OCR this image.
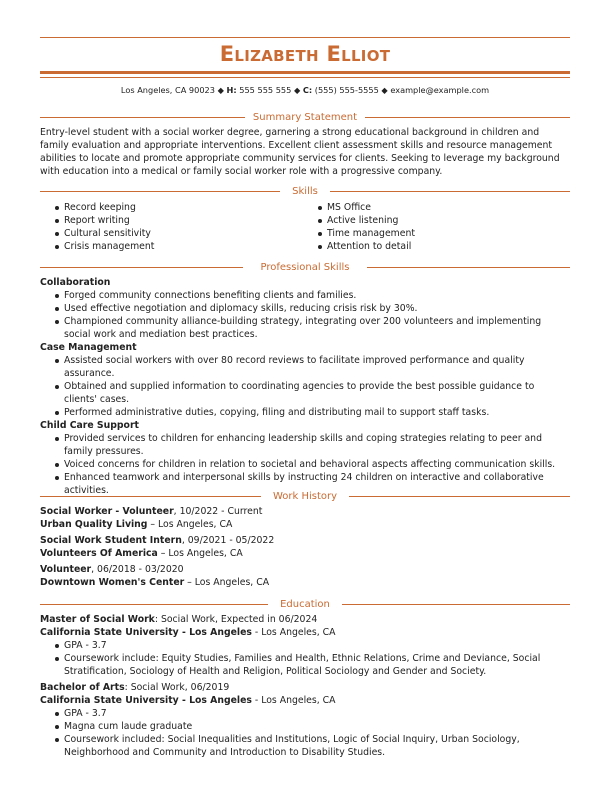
Elizabeth Elliot
Los Angeles, CA 90023 ◆ H: 555 555 555 ◆ C: (555) 555-5555 ◆ example@example.com
Summary Statement
Entry-level student with a social worker degree, garnering a strong educational background in children and family evaluation and appropriate interventions. Excellent client assessment skills and resource management abilities to locate and promote appropriate community services for clients. Seeking to leverage my background with education into a medical or family social worker role with a progressive company.
Skills
Record keeping
Report writing
Cultural sensitivity
Crisis management
MS Office
Active listening
Time management
Attention to detail
Professional Skills
Collaboration
Forged community connections benefiting clients and families.
Used effective negotiation and diplomacy skills, reducing crisis risk by 30%.
Championed community alliance-building strategy, integrating over 200 volunteers and implementing social work and mediation best practices.
Case Management
Assisted social workers with over 80 record reviews to facilitate improved performance and quality assurance.
Obtained and supplied information to coordinating agencies to provide the best possible guidance to clients' cases.
Performed administrative duties, copying, filing and distributing mail to support staff tasks.
Child Care Support
Provided services to children for enhancing leadership skills and coping strategies relating to peer and family pressures.
Voiced concerns for children in relation to societal and behavioral aspects affecting communication skills.
Enhanced teamwork and interpersonal skills by instructing 24 children on interactive and collaborative activities.
Work History
Social Worker - Volunteer, 10/2022 - Current
Urban Quality Living – Los Angeles, CA
Social Work Student Intern, 09/2021 - 05/2022
Volunteers Of America – Los Angeles, CA
Volunteer, 06/2018 - 03/2020
Downtown Women's Center – Los Angeles, CA
Education
Master of Social Work: Social Work, Expected in 06/2024
California State University - Los Angeles - Los Angeles, CA
GPA - 3.7
Coursework include: Equity Studies, Families and Health, Ethnic Relations, Crime and Deviance, Social Stratification, Sociology of Health and Religion, Political Sociology and Gender and Society.
Bachelor of Arts: Social Work, 06/2019
California State University - Los Angeles - Los Angeles, CA
GPA - 3.7
Magna cum laude graduate
Coursework included: Social Inequalities and Institutions, Logic of Social Inquiry, Urban Sociology, Neighborhood and Community and Introduction to Disability Studies.
